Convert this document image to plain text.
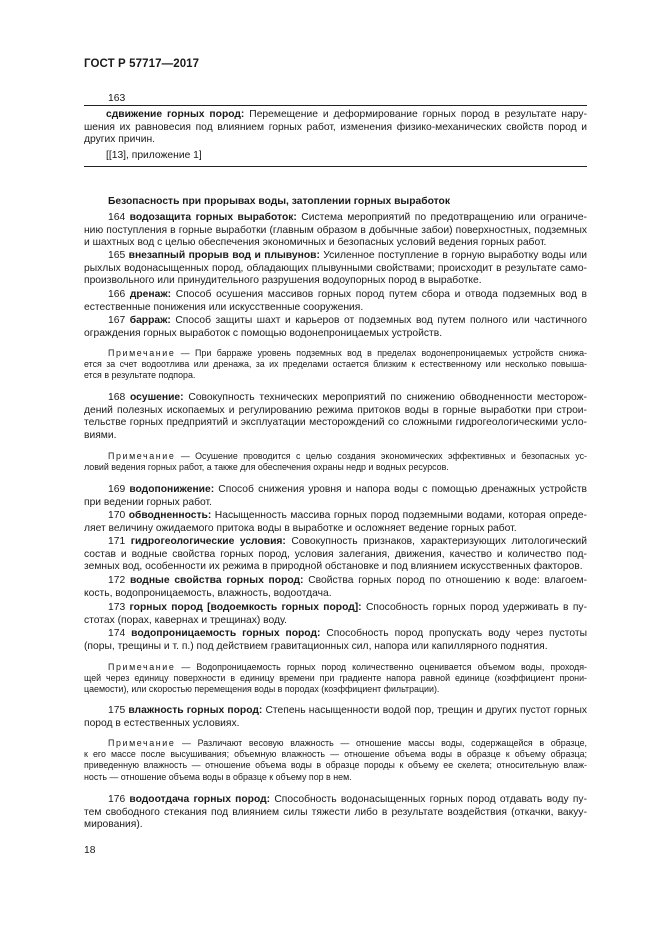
ГОСТ Р 57717—2017
163
сдвижение горных пород: Перемещение и деформирование горных пород в результате нару-
шения их равновесия под влиянием горных работ, изменения физико-механических свойств пород и
других причин.
[[13], приложение 1]
Безопасность при прорывах воды, затоплении горных выработок
164 водозащита горных выработок: Система мероприятий по предотвращению или ограниче-
нию поступления в горные выработки (главным образом в добычные забои) поверхностных, подземных
и шахтных вод с целью обеспечения экономичных и безопасных условий ведения горных работ.
165 внезапный прорыв вод и плывунов: Усиленное поступление в горную выработку воды или
рыхлых водонасыщенных пород, обладающих плывунными свойствами; происходит в результате само-
произвольного или принудительного разрушения водоупорных пород в выработке.
166 дренаж: Способ осушения массивов горных пород путем сбора и отвода подземных вод в
естественные понижения или искусственные сооружения.
167 барраж: Способ защиты шахт и карьеров от подземных вод путем полного или частичного
ограждения горных выработок с помощью водонепроницаемых устройств.
Примечание — При барраже уровень подземных вод в пределах водонепроницаемых устройств снижа-
ется за счет водоотлива или дренажа, за их пределами остается близким к естественному или несколько повыша-
ется в результате подпора.
168 осушение: Совокупность технических мероприятий по снижению обводненности месторож-
дений полезных ископаемых и регулированию режима притоков воды в горные выработки при строи-
тельстве горных предприятий и эксплуатации месторождений со сложными гидрогеологическими усло-
виями.
Примечание — Осушение проводится с целью создания экономических эффективных и безопасных ус-
ловий ведения горных работ, а также для обеспечения охраны недр и водных ресурсов.
169 водопонижение: Способ снижения уровня и напора воды с помощью дренажных устройств
при ведении горных работ.
170 обводненность: Насыщенность массива горных пород подземными водами, которая опреде-
ляет величину ожидаемого притока воды в выработке и осложняет ведение горных работ.
171 гидрогеологические условия: Совокупность признаков, характеризующих литологический
состав и водные свойства горных пород, условия залегания, движения, качество и количество под-
земных вод, особенности их режима в природной обстановке и под влиянием искусственных факторов.
172 водные свойства горных пород: Свойства горных пород по отношению к воде: влагоем-
кость, водопроницаемость, влажность, водоотдача.
173 горных пород [водоемкость горных пород]: Способность горных пород удерживать в пу-
стотах (порах, кавернах и трещинах) воду.
174 водопроницаемость горных пород: Способность пород пропускать воду через пустоты
(поры, трещины и т. п.) под действием гравитационных сил, напора или капиллярного поднятия.
Примечание — Водопроницаемость горных пород количественно оценивается объемом воды, проходя-
щей через единицу поверхности в единицу времени при градиенте напора равной единице (коэффициент прони-
цаемости), или скоростью перемещения воды в породах (коэффициент фильтрации).
175 влажность горных пород: Степень насыщенности водой пор, трещин и других пустот горных
пород в естественных условиях.
Примечание — Различают весовую влажность — отношение массы воды, содержащейся в образце,
к его массе после высушивания; объемную влажность — отношение объема воды в образце к объему образца;
приведенную влажность — отношение объема воды в образце породы к объему ее скелета; относительную влаж-
ность — отношение объема воды в образце к объему пор в нем.
176 водоотдача горных пород: Способность водонасыщенных горных пород отдавать воду пу-
тем свободного стекания под влиянием силы тяжести либо в результате воздействия (откачки, вакуу-
мирования).
18
